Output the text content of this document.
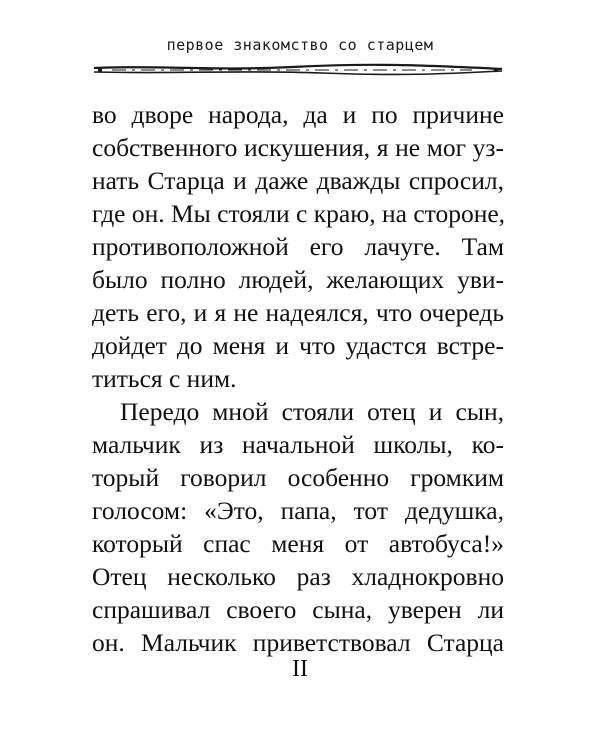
первое знакомство со старцем
во дворе народа, да и по причине
собственного искушения, я не мог уз-
нать Старца и даже дважды спросил,
где он. Мы стояли с краю, на стороне,
противоположной его лачуге. Там
было полно людей, желающих уви-
деть его, и я не надеялся, что очередь
дойдет до меня и что удастся встре-
титься с ним.
Передо мной стояли отец и сын,
мальчик из начальной школы, ко-
торый говорил особенно громким
голосом: «Это, папа, тот дедушка,
который спас меня от автобуса!»
Отец несколько раз хладнокровно
спрашивал своего сына, уверен ли
он. Мальчик приветствовал Старца
II
